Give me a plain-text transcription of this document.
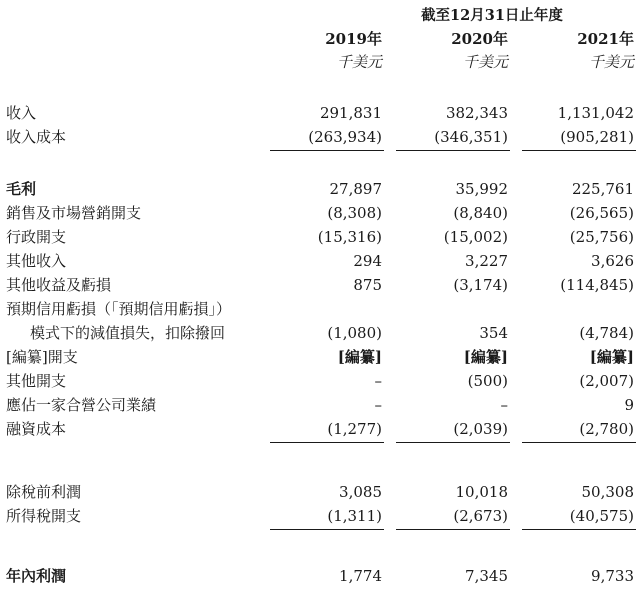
截至12月31日止年度
2019年	2020年	2021年
千美元	千美元	千美元
收入	291,831	382,343	1,131,042
收入成本	(263,934)	(346,351)	(905,281)
毛利	27,897	35,992	225,761
銷售及市場營銷開支	(8,308)	(8,840)	(26,565)
行政開支	(15,316)	(15,002)	(25,756)
其他收入	294	3,227	3,626
其他收益及虧損	875	(3,174)	(114,845)
預期信用虧損（「預期信用虧損」）
模式下的減值損失，扣除撥回	(1,080)	354	(4,784)
[編纂]開支	[編纂]	[編纂]	[編纂]
其他開支	–	(500)	(2,007)
應佔一家合營公司業績	–	–	9
融資成本	(1,277)	(2,039)	(2,780)
除稅前利潤	3,085	10,018	50,308
所得稅開支	(1,311)	(2,673)	(40,575)
年內利潤	1,774	7,345	9,733
